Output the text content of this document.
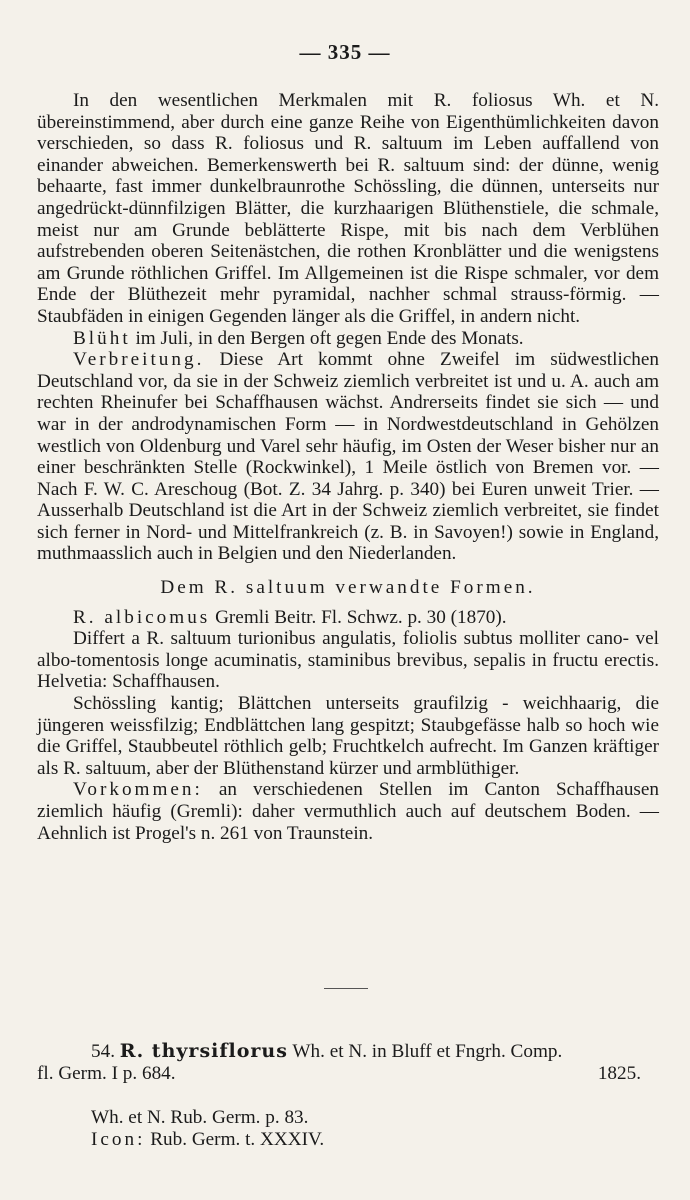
— 335 —

In den wesentlichen Merkmalen mit R. foliosus Wh. et N. übereinstimmend, aber durch eine ganze Reihe von Eigenthümlichkeiten davon verschieden, so dass R. foliosus und R. saltuum im Leben auffallend von einander abweichen. Bemerkenswerth bei R. saltuum sind: der dünne, wenig behaarte, fast immer dunkelbraunrothe Schössling, die dünnen, unterseits nur angedrückt-dünnfilzigen Blätter, die kurzhaarigen Blüthenstiele, die schmale, meist nur am Grunde beblätterte Rispe, mit bis nach dem Verblühen aufstrebenden oberen Seitenästchen, die rothen Kronblätter und die wenigstens am Grunde röthlichen Griffel. Im Allgemeinen ist die Rispe schmaler, vor dem Ende der Blüthezeit mehr pyramidal, nachher schmal strauss-förmig. — Staubfäden in einigen Gegenden länger als die Griffel, in andern nicht.

Blüht im Juli, in den Bergen oft gegen Ende des Monats.

Verbreitung. Diese Art kommt ohne Zweifel im südwestlichen Deutschland vor, da sie in der Schweiz ziemlich verbreitet ist und u. A. auch am rechten Rheinufer bei Schaffhausen wächst. Andrerseits findet sie sich — und war in der androdynamischen Form — in Nordwestdeutschland in Gehölzen westlich von Oldenburg und Varel sehr häufig, im Osten der Weser bisher nur an einer beschränkten Stelle (Rockwinkel), 1 Meile östlich von Bremen vor. — Nach F. W. C. Areschoug (Bot. Z. 34 Jahrg. p. 340) bei Euren unweit Trier. — Ausserhalb Deutschland ist die Art in der Schweiz ziemlich verbreitet, sie findet sich ferner in Nord- und Mittelfrankreich (z. B. in Savoyen!) sowie in England, muthmaasslich auch in Belgien und den Niederlanden.

Dem R. saltuum verwandte Formen.

R. albicomus Gremli Beitr. Fl. Schwz. p. 30 (1870).

Differt a R. saltuum turionibus angulatis, foliolis subtus molliter cano- vel albo-tomentosis longe acuminatis, staminibus brevibus, sepalis in fructu erectis. Helvetia: Schaffhausen.

Schössling kantig; Blättchen unterseits graufilzig - weichhaarig, die jüngeren weissfilzig; Endblättchen lang gespitzt; Staubgefässe halb so hoch wie die Griffel, Staubbeutel röthlich gelb; Fruchtkelch aufrecht. Im Ganzen kräftiger als R. saltuum, aber der Blüthenstand kürzer und armblüthiger.

Vorkommen: an verschiedenen Stellen im Canton Schaffhausen ziemlich häufig (Gremli): daher vermuthlich auch auf deutschem Boden. — Aehnlich ist Progel's n. 261 von Traunstein.

54. R. thyrsiflorus Wh. et N. in Bluff et Fngrh. Comp.

fl. Germ. I p. 684.	1825.

Wh. et N. Rub. Germ. p. 83.

Icon: Rub. Germ. t. XXXIV.
